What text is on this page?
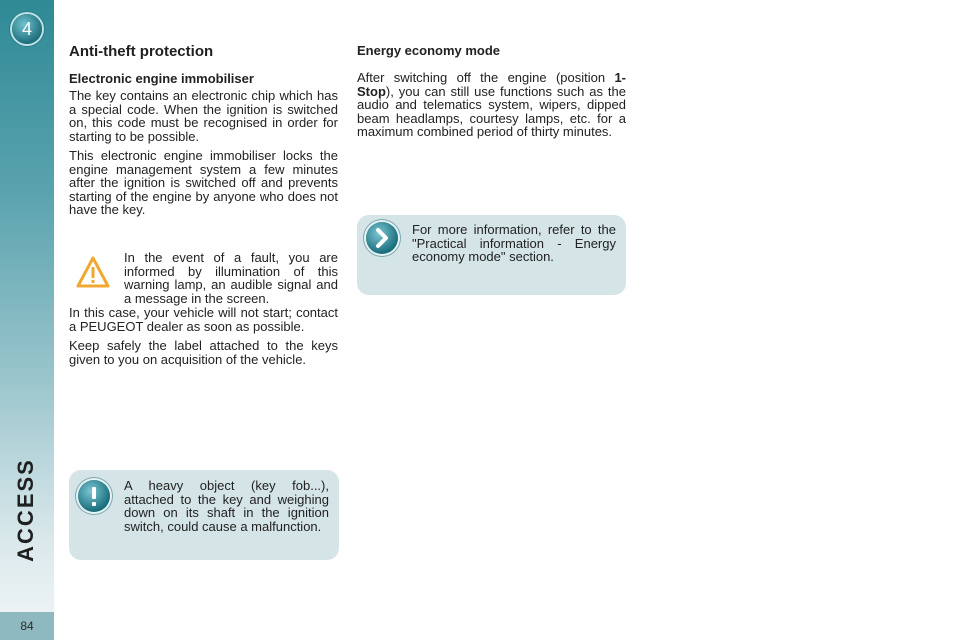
4
ACCESS
84
Anti-theft protection
Electronic engine immobiliser

The key contains an electronic chip which has a special code. When the ignition is switched on, this code must be recognised in order for starting to be possible.

This electronic engine immobiliser locks the engine management system a few minutes after the ignition is switched off and prevents starting of the engine by anyone who does not have the key.

In the event of a fault, you are informed by illumination of this warning lamp, an audible signal and a message in the screen.

In this case, your vehicle will not start; contact a PEUGEOT dealer as soon as possible.

Keep safely the label attached to the keys given to you on acquisition of the vehicle.

A heavy object (key fob...), attached to the key and weighing down on its shaft in the ignition switch, could cause a malfunction.

Energy economy mode

After switching off the engine (position 1-Stop), you can still use functions such as the audio and telematics system, wipers, dipped beam headlamps, courtesy lamps, etc. for a maximum combined period of thirty minutes.

For more information, refer to the "Practical information - Energy economy mode" section.
